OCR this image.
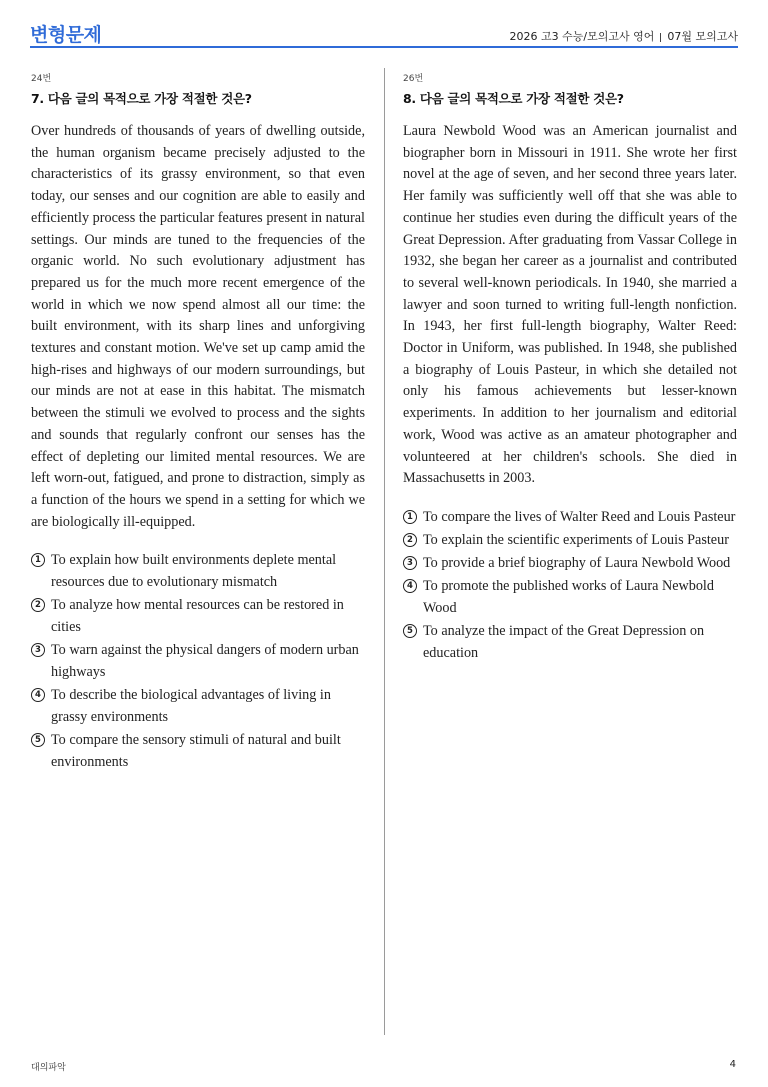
변형문제	2026 고3 수능/모의고사 영어 07월 모의고사
24번
7. 다음 글의 목적으로 가장 적절한 것은?

Over hundreds of thousands of years of dwelling outside, the human organism became precisely adjusted to the characteristics of its grassy environment, so that even today, our senses and our cognition are able to easily and efficiently process the particular features present in natural settings. Our minds are tuned to the frequencies of the organic world. No such evolutionary adjustment has prepared us for the much more recent emergence of the world in which we now spend almost all our time: the built environment, with its sharp lines and unforgiving textures and constant motion. We've set up camp amid the high-rises and highways of our modern surroundings, but our minds are not at ease in this habitat. The mismatch between the stimuli we evolved to process and the sights and sounds that regularly confront our senses has the effect of depleting our limited mental resources. We are left worn-out, fatigued, and prone to distraction, simply as a function of the hours we spend in a setting for which we are biologically ill-equipped.

1 To explain how built environments deplete mental resources due to evolutionary mismatch
2 To analyze how mental resources can be restored in cities
3 To warn against the physical dangers of modern urban highways
4 To describe the biological advantages of living in grassy environments
5 To compare the sensory stimuli of natural and built environments
26번
8. 다음 글의 목적으로 가장 적절한 것은?

Laura Newbold Wood was an American journalist and biographer born in Missouri in 1911. She wrote her first novel at the age of seven, and her second three years later. Her family was sufficiently well off that she was able to continue her studies even during the difficult years of the Great Depression. After graduating from Vassar College in 1932, she began her career as a journalist and contributed to several well-known periodicals. In 1940, she married a lawyer and soon turned to writing full-length nonfiction. In 1943, her first full-length biography, Walter Reed: Doctor in Uniform, was published. In 1948, she published a biography of Louis Pasteur, in which she detailed not only his famous achievements but lesser-known experiments. In addition to her journalism and editorial work, Wood was active as an amateur photographer and volunteered at her children's schools. She died in Massachusetts in 2003.

1 To compare the lives of Walter Reed and Louis Pasteur
2 To explain the scientific experiments of Louis Pasteur
3 To provide a brief biography of Laura Newbold Wood
4 To promote the published works of Laura Newbold Wood
5 To analyze the impact of the Great Depression on education
대의파악	4
